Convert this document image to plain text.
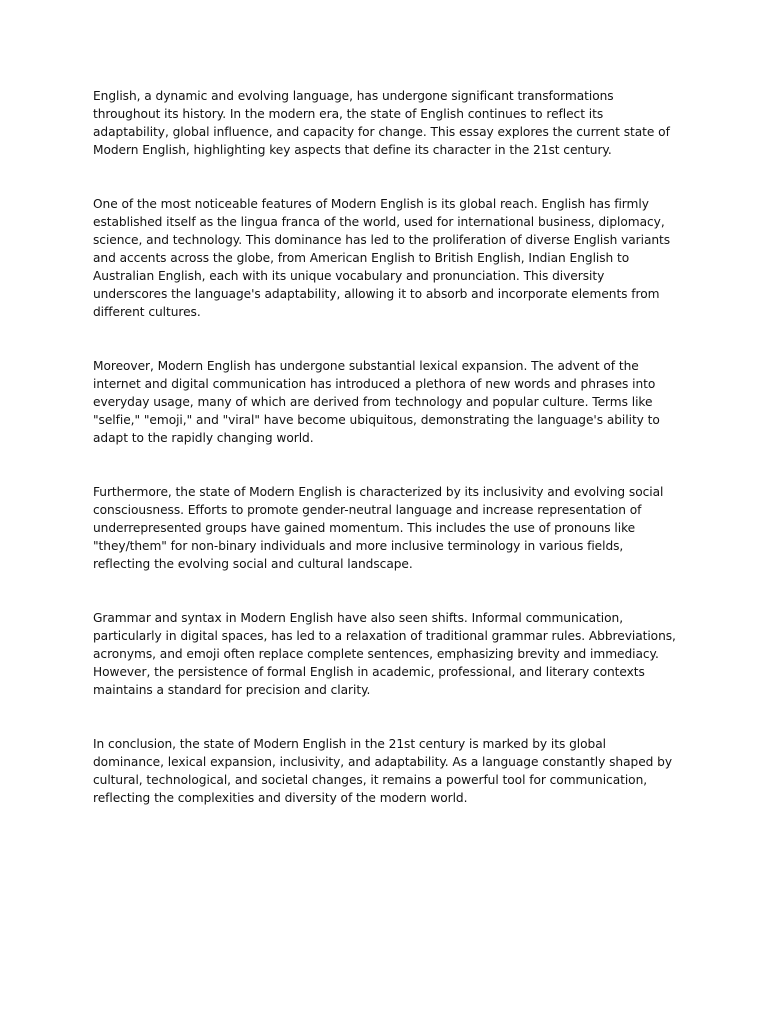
English, a dynamic and evolving language, has undergone significant transformations throughout its history. In the modern era, the state of English continues to reflect its adaptability, global influence, and capacity for change. This essay explores the current state of Modern English, highlighting key aspects that define its character in the 21st century.

One of the most noticeable features of Modern English is its global reach. English has firmly established itself as the lingua franca of the world, used for international business, diplomacy, science, and technology. This dominance has led to the proliferation of diverse English variants and accents across the globe, from American English to British English, Indian English to Australian English, each with its unique vocabulary and pronunciation. This diversity underscores the language's adaptability, allowing it to absorb and incorporate elements from different cultures.

Moreover, Modern English has undergone substantial lexical expansion. The advent of the internet and digital communication has introduced a plethora of new words and phrases into everyday usage, many of which are derived from technology and popular culture. Terms like "selfie," "emoji," and "viral" have become ubiquitous, demonstrating the language's ability to adapt to the rapidly changing world.

Furthermore, the state of Modern English is characterized by its inclusivity and evolving social consciousness. Efforts to promote gender-neutral language and increase representation of underrepresented groups have gained momentum. This includes the use of pronouns like "they/them" for non-binary individuals and more inclusive terminology in various fields, reflecting the evolving social and cultural landscape.

Grammar and syntax in Modern English have also seen shifts. Informal communication, particularly in digital spaces, has led to a relaxation of traditional grammar rules. Abbreviations, acronyms, and emoji often replace complete sentences, emphasizing brevity and immediacy. However, the persistence of formal English in academic, professional, and literary contexts maintains a standard for precision and clarity.

In conclusion, the state of Modern English in the 21st century is marked by its global dominance, lexical expansion, inclusivity, and adaptability. As a language constantly shaped by cultural, technological, and societal changes, it remains a powerful tool for communication, reflecting the complexities and diversity of the modern world.
